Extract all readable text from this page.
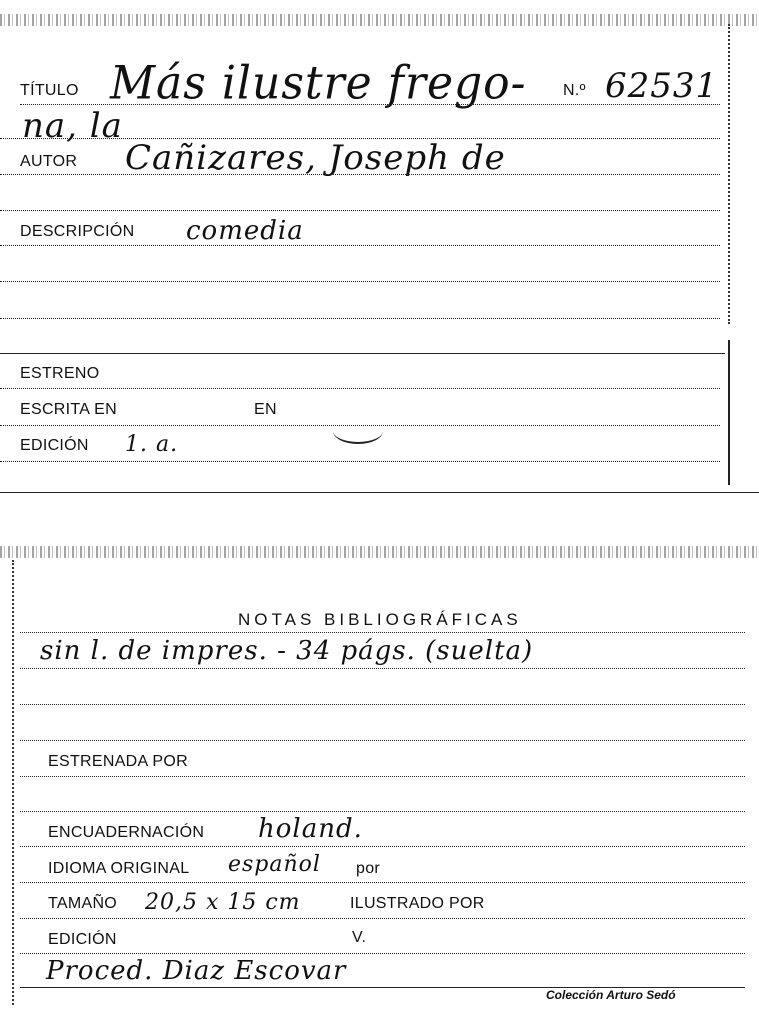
TÍTULO Más ilustre frego- N.º 62531
na, la
AUTOR Cañizares, Joseph de
DESCRIPCIÓN comedia
ESTRENO
ESCRITA EN	EN
EDICIÓN 1. a.
NOTAS BIBLIOGRÁFICAS
sin l. de impres. - 34 págs. (suelta)
ESTRENADA POR
ENCUADERNACIÓN holand.
IDIOMA ORIGINAL español por
TAMAÑO 20,5 x 15 cm	ILUSTRADO POR
EDICIÓN	V.
Proced. Diaz Escovar
Colección Arturo Sedó
